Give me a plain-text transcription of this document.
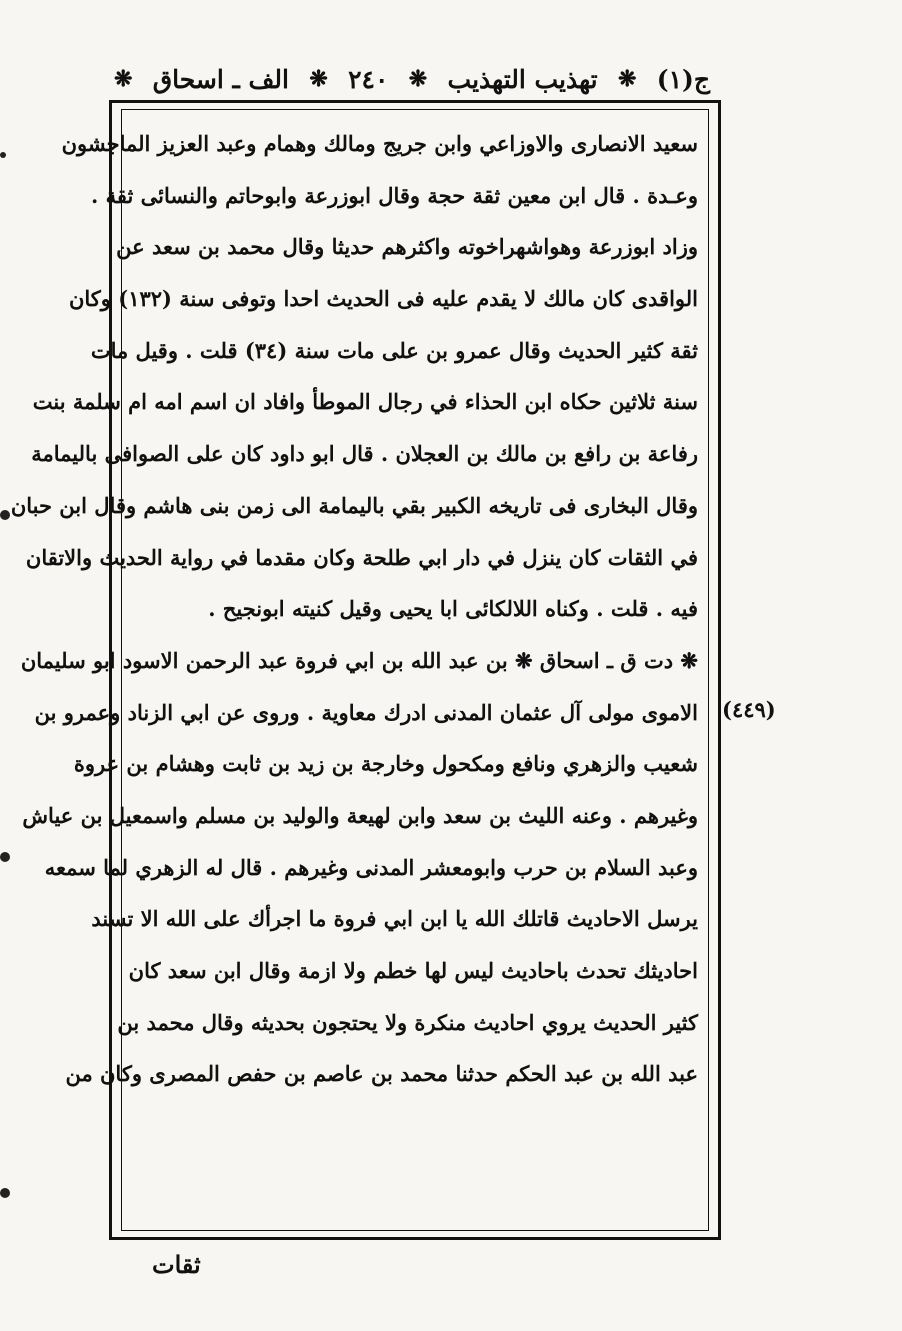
ج(١)
❋
تهذيب التهذيب
❋
٢٤٠
❋
الف ـ اسحاق
❋
سعيد الانصارى والاوزاعي وابن جريج ومالك وهمام وعبد العزيز الماجشون
وعـدة . قال ابن معين ثقة حجة وقال ابوزرعة وابوحاتم والنسائى ثقة .
وزاد ابوزرعة وهواشهراخوته واكثرهم حديثا وقال محمد بن سعد عن
الواقدى كان مالك لا يقدم عليه فى الحديث احدا وتوفى سنة (١٣٢) وكان
ثقة كثير الحديث وقال عمرو بن على مات سنة (٣٤) قلت . وقيل مات
سنة ثلاثين حكاه ابن الحذاء في رجال الموطأ وافاد ان اسم امه ام سلمة بنت
رفاعة بن رافع بن مالك بن العجلان . قال ابو داود كان على الصوافى باليمامة
وقال البخارى فى تاريخه الكبير بقي باليمامة الى زمن بنى هاشم وقال ابن حبان
في الثقات كان ينزل في دار ابي طلحة وكان مقدما في رواية الحديث والاتقان
فيه . قلت . وكناه اللالكائى ابا يحيى وقيل كنيته ابونجيح .
❋ دت ق ـ اسحاق ❋ بن عبد الله بن ابي فروة عبد الرحمن الاسود ابو سليمان
الاموى مولى آل عثمان المدنى ادرك معاوية . وروى عن ابي الزناد وعمرو بن
شعيب والزهري ونافع ومكحول وخارجة بن زيد بن ثابت وهشام بن عروة
وغيرهم . وعنه الليث بن سعد وابن لهيعة والوليد بن مسلم واسمعيل بن عياش
وعبد السلام بن حرب وابومعشر المدنى وغيرهم . قال له الزهري لما سمعه
يرسل الاحاديث قاتلك الله يا ابن ابي فروة ما اجرأك على الله الا تسند
احاديثك تحدث باحاديث ليس لها خطم ولا ازمة وقال ابن سعد كان
كثير الحديث يروي احاديث منكرة ولا يحتجون بحديثه وقال محمد بن
عبد الله بن عبد الحكم حدثنا محمد بن عاصم بن حفص المصرى وكان من
(٤٤٩)
ثقات
